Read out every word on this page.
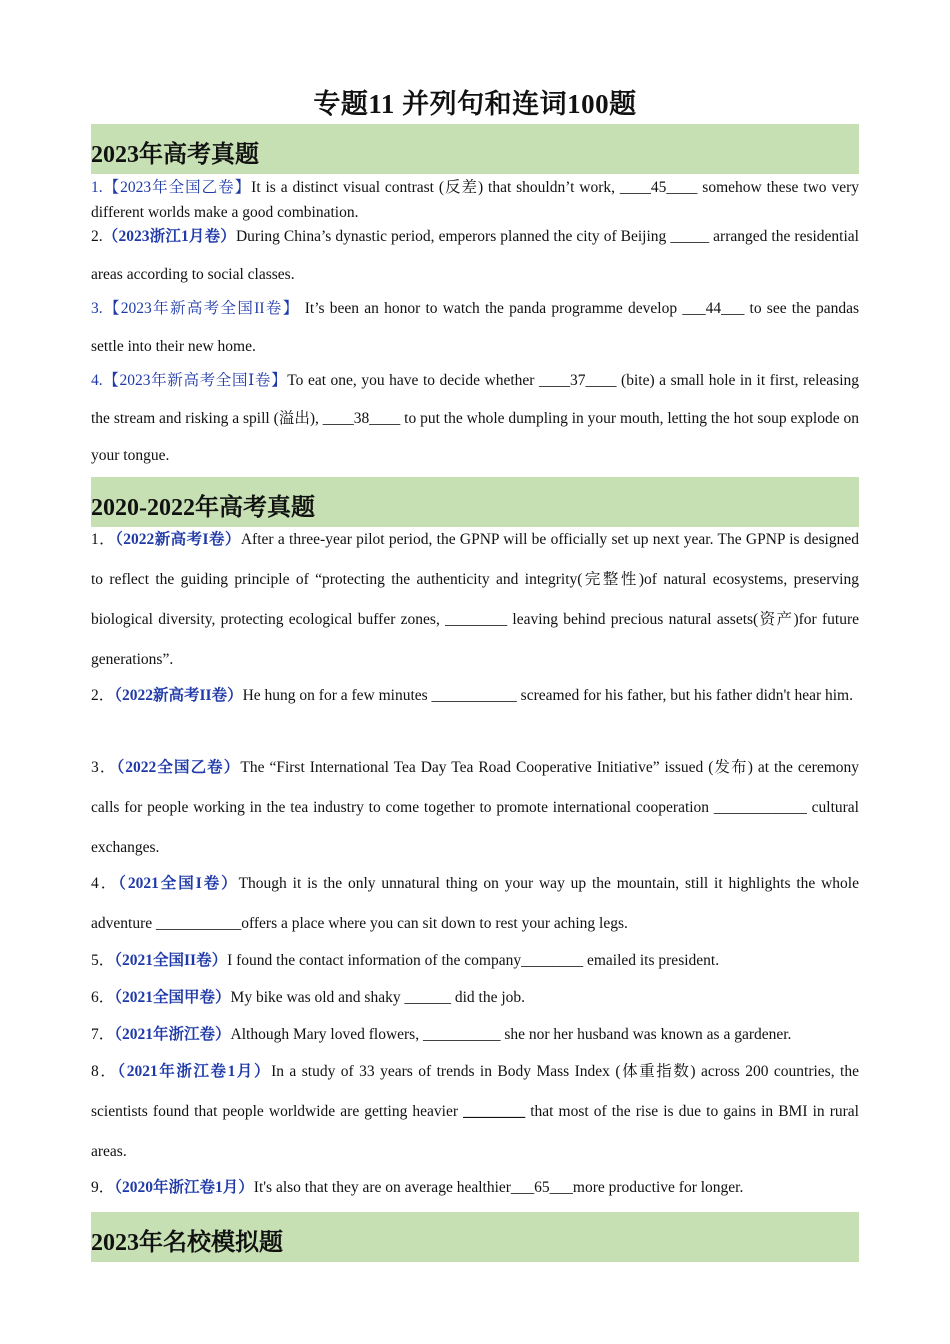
专题11 并列句和连词100题
2023年高考真题
1.【2023年全国乙卷】It is a distinct visual contrast (反差) that shouldn’t work, ____45____ somehow these two very different worlds make a good combination.
2.（2023浙江1月卷）During China’s dynastic period, emperors planned the city of Beijing _____ arranged the residential areas according to social classes.
3.【2023年新高考全国II卷】 It’s been an honor to watch the panda programme develop ___44___ to see the pandas settle into their new home.
4.【2023年新高考全国Ⅰ卷】To eat one, you have to decide whether ____37____ (bite) a small hole in it first, releasing the stream and risking a spill (溢出), ____38____ to put the whole dumpling in your mouth, letting the hot soup explode on your tongue.
2020-2022年高考真题
1．（2022新高考I卷）After a three-year pilot period, the GPNP will be officially set up next year. The GPNP is designed to reflect the guiding principle of “protecting the authenticity and integrity(完整性)of natural ecosystems, preserving biological diversity, protecting ecological buffer zones, ________ leaving behind precious natural assets(资产)for future generations”.
2．（2022新高考II卷）He hung on for a few minutes ___________ screamed for his father, but his father didn't hear him.
3．（2022全国乙卷）The “First International Tea Day Tea Road Cooperative Initiative” issued (发布) at the ceremony calls for people working in the tea industry to come together to promote international cooperation ____________ cultural exchanges.
4．（2021全国I卷）Though it is the only unnatural thing on your way up the mountain, still it highlights the whole adventure ___________offers a place where you can sit down to rest your aching legs.
5．（2021全国II卷）I found the contact information of the company________ emailed its president.
6．（2021全国甲卷）My bike was old and shaky ______ did the job.
7．（2021年浙江卷）Although Mary loved flowers, __________ she nor her husband was known as a gardener.
8．（2021年浙江卷1月）In a study of 33 years of trends in Body Mass Index (体重指数) across 200 countries, the scientists found that people worldwide are getting heavier ________ that most of the rise is due to gains in BMI in rural areas.
9．（2020年浙江卷1月）It's also that they are on average healthier___65___more productive for longer.
2023年名校模拟题
